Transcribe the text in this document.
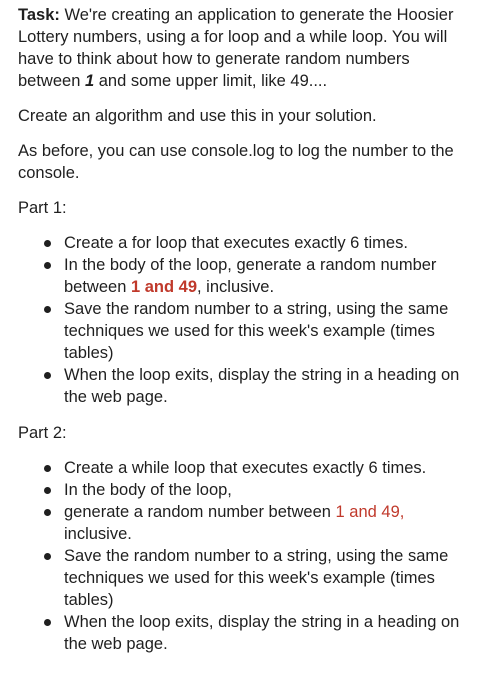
Task: We're creating an application to generate the Hoosier Lottery numbers, using a for loop and a while loop. You will have to think about how to generate random numbers between 1 and some upper limit, like 49....

Create an algorithm and use this in your solution.

As before, you can use console.log to log the number to the console.

Part 1:

Create a for loop that executes exactly 6 times.
In the body of the loop, generate a random number between 1 and 49, inclusive.
Save the random number to a string, using the same techniques we used for this week's example (times tables)
When the loop exits, display the string in a heading on the web page.

Part 2:

Create a while loop that executes exactly 6 times.
In the body of the loop,
generate a random number between 1 and 49, inclusive.
Save the random number to a string, using the same techniques we used for this week's example (times tables)
When the loop exits, display the string in a heading on the web page.
